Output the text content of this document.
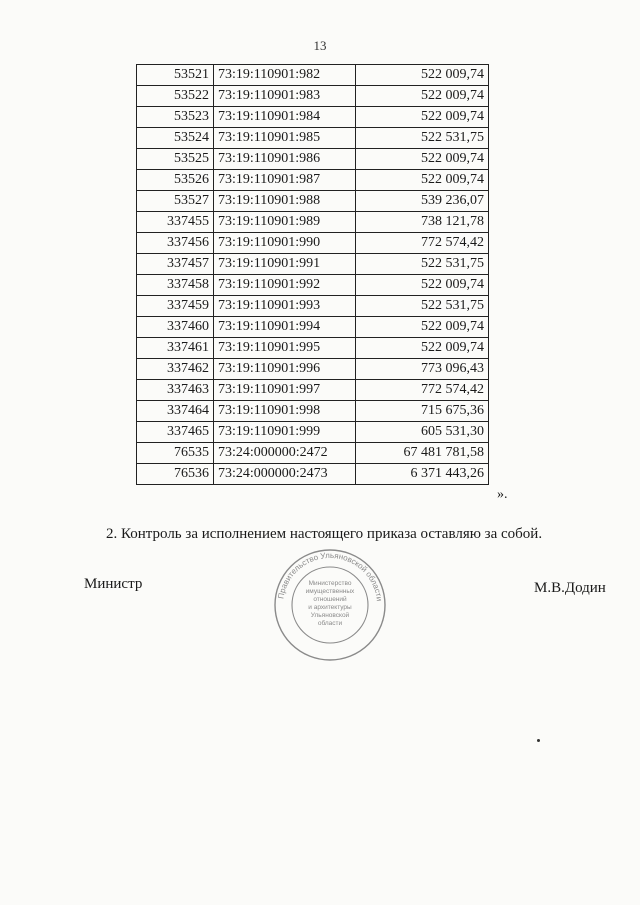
13
53521	73:19:110901:982	522 009,74
53522	73:19:110901:983	522 009,74
53523	73:19:110901:984	522 009,74
53524	73:19:110901:985	522 531,75
53525	73:19:110901:986	522 009,74
53526	73:19:110901:987	522 009,74
53527	73:19:110901:988	539 236,07
337455	73:19:110901:989	738 121,78
337456	73:19:110901:990	772 574,42
337457	73:19:110901:991	522 531,75
337458	73:19:110901:992	522 009,74
337459	73:19:110901:993	522 531,75
337460	73:19:110901:994	522 009,74
337461	73:19:110901:995	522 009,74
337462	73:19:110901:996	773 096,43
337463	73:19:110901:997	772 574,42
337464	73:19:110901:998	715 675,36
337465	73:19:110901:999	605 531,30
76535	73:24:000000:2472	67 481 781,58
76536	73:24:000000:2473	6 371 443,26
».
2. Контроль за исполнением настоящего приказа оставляю за собой.
Министр	М.В.Додин
Правительство Ульяновской области
Министерство
имущественных
отношений
и архитектуры
Ульяновской
области
